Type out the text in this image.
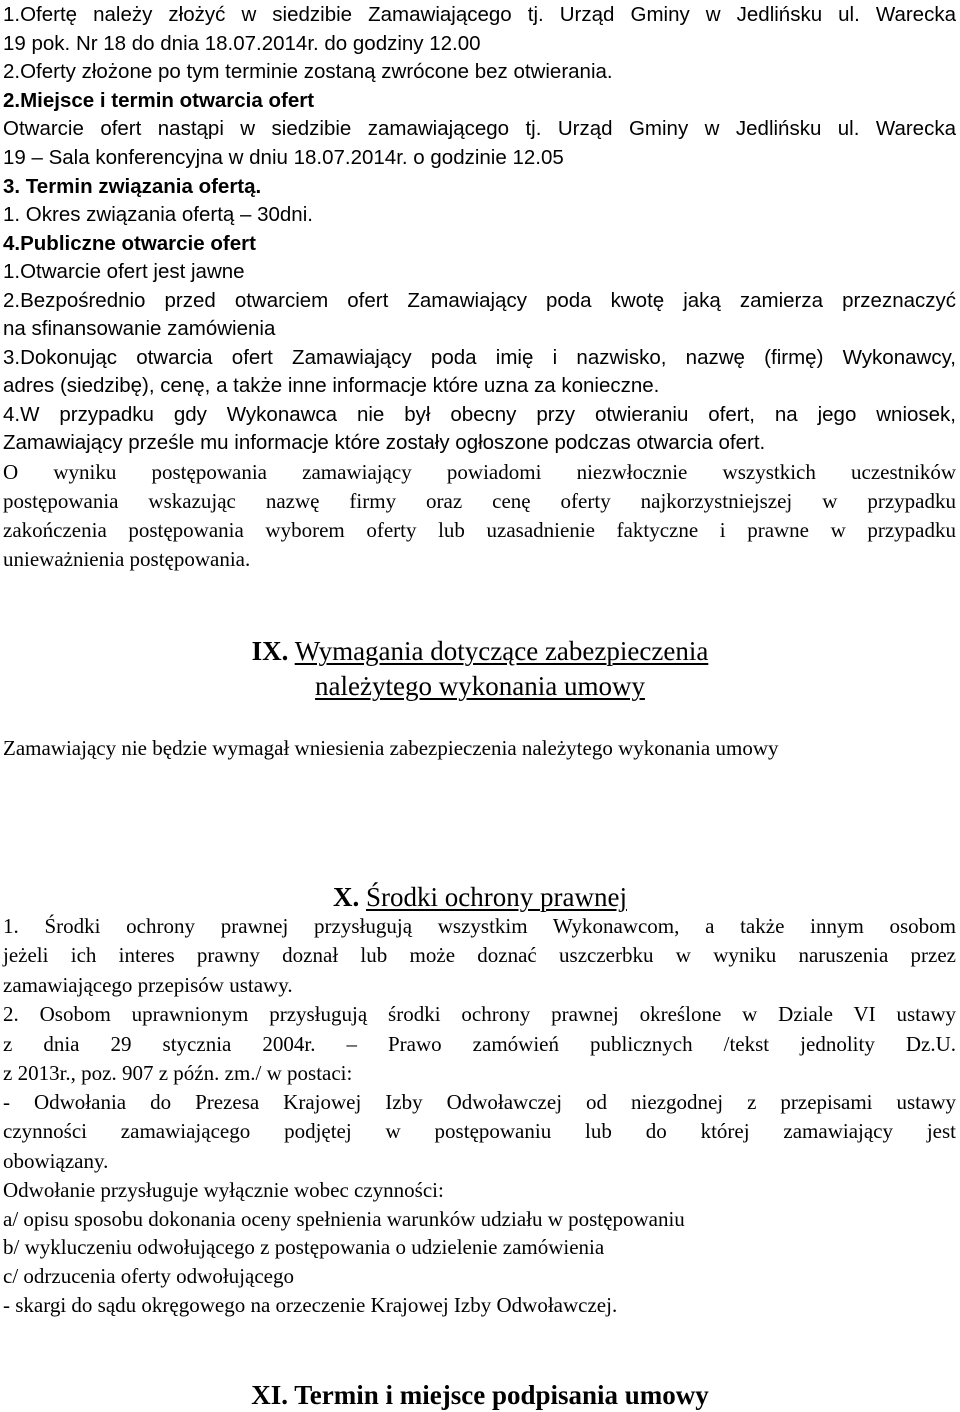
1.Ofertę należy złożyć w siedzibie Zamawiającego tj. Urząd Gminy w Jedlińsku ul. Warecka
19 pok. Nr 18 do dnia 18.07.2014r. do godziny 12.00
2.Oferty złożone po tym terminie zostaną zwrócone bez otwierania.
2.Miejsce i termin otwarcia ofert
Otwarcie ofert nastąpi w siedzibie zamawiającego tj. Urząd Gminy w Jedlińsku ul. Warecka
19 – Sala konferencyjna w dniu 18.07.2014r. o godzinie 12.05
3. Termin związania ofertą.
1. Okres związania ofertą – 30dni.
4.Publiczne otwarcie ofert
1.Otwarcie ofert jest jawne
2.Bezpośrednio przed otwarciem ofert Zamawiający poda kwotę jaką zamierza przeznaczyć
na sfinansowanie zamówienia
3.Dokonując otwarcia ofert Zamawiający poda imię i nazwisko, nazwę (firmę) Wykonawcy,
adres (siedzibę), cenę, a także inne informacje które uzna za konieczne.
4.W przypadku gdy Wykonawca nie był obecny przy otwieraniu ofert, na jego wniosek,
Zamawiający prześle mu informacje które zostały ogłoszone podczas otwarcia ofert.
O wyniku postępowania zamawiający powiadomi niezwłocznie wszystkich uczestników
postępowania wskazując nazwę firmy oraz cenę oferty najkorzystniejszej w przypadku
zakończenia postępowania wyborem oferty lub uzasadnienie faktyczne i prawne w przypadku
unieważnienia postępowania.
IX. Wymagania dotyczące zabezpieczenia
należytego wykonania umowy
Zamawiający nie będzie wymagał wniesienia zabezpieczenia należytego wykonania umowy
X. Środki ochrony prawnej
1. Środki ochrony prawnej przysługują wszystkim Wykonawcom, a także innym osobom
jeżeli ich interes prawny doznał lub może doznać uszczerbku w wyniku naruszenia przez
zamawiającego przepisów ustawy.
2. Osobom uprawnionym przysługują środki ochrony prawnej określone w Dziale VI ustawy
z dnia 29 stycznia 2004r. – Prawo zamówień publicznych /tekst jednolity Dz.U.
z 2013r., poz. 907 z późn. zm./ w postaci:
- Odwołania do Prezesa Krajowej Izby Odwoławczej od niezgodnej z przepisami ustawy
czynności zamawiającego podjętej w postępowaniu lub do której zamawiający jest
obowiązany.
Odwołanie przysługuje wyłącznie wobec czynności:
a/ opisu sposobu dokonania oceny spełnienia warunków udziału w postępowaniu
b/ wykluczeniu odwołującego z postępowania o udzielenie zamówienia
c/ odrzucenia oferty odwołującego
- skargi do sądu okręgowego na orzeczenie Krajowej Izby Odwoławczej.
XI. Termin i miejsce podpisania umowy
